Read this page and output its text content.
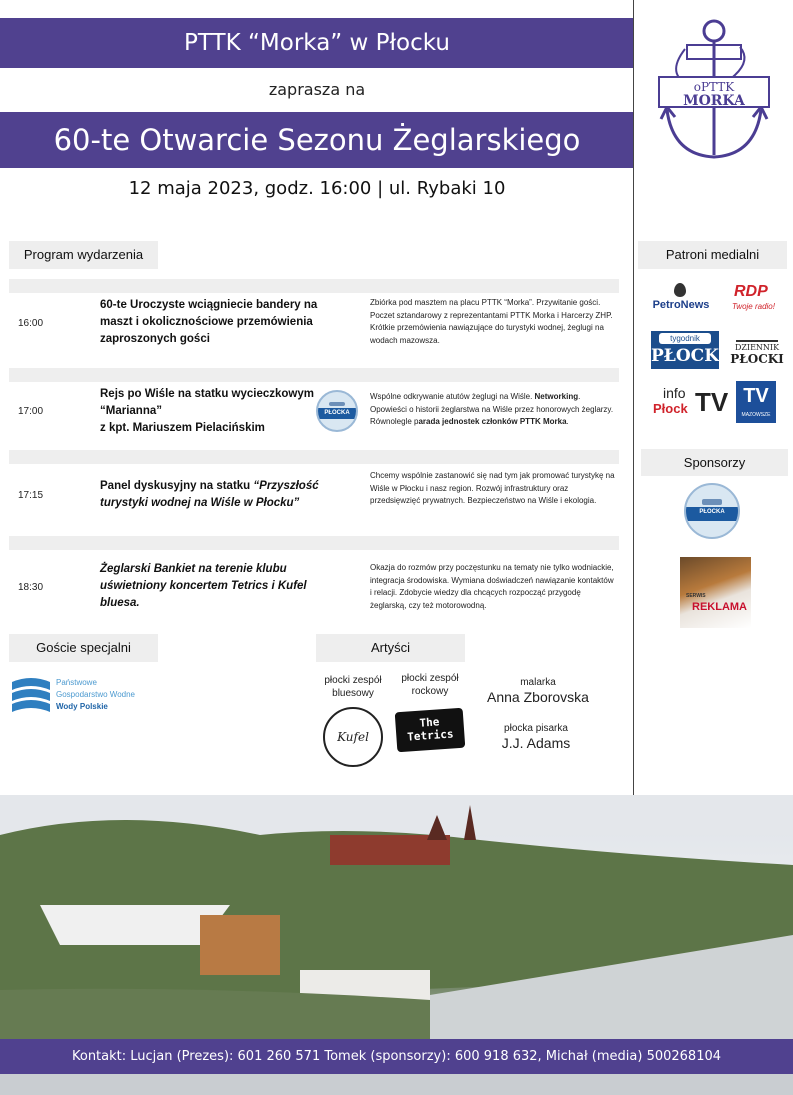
PTTK “Morka” w Płocku
zaprasza na
60-te Otwarcie Sezonu Żeglarskiego
12 maja 2023, godz. 16:00 | ul. Rybaki 10
oPTTK
MORKA
Program wydarzenia
16:00
60-te Uroczyste wciągniecie bandery na maszt i okolicznościowe przemówienia zaproszonych gości
Zbiórka pod masztem na placu PTTK “Morka”. Przywitanie gości. Poczet sztandarowy z reprezentantami PTTK Morka i Harcerzy ZHP. Krótkie przemówienia nawiązujące do turystyki wodnej, żeglugi na wodach mazowsza.
17:00
Rejs po Wiśle na statku wycieczkowym “Marianna”
z kpt. Mariuszem Pielacińskim
PŁOCKA
Wspólne odkrywanie atutów żeglugi na Wiśle. Networking. Opowieści o historii żeglarstwa na Wiśle przez honorowych żeglarzy. Równolegle parada jednostek członków PTTK Morka.
17:15
Panel dyskusyjny na statku “Przyszłość turystyki wodnej na Wiśle w Płocku”
Chcemy wspólnie zastanowić się nad tym jak promować turystykę na Wiśle w Płocku i nasz region. Rozwój infrastruktury oraz przedsięwzięć prywatnych. Bezpieczeństwo na Wiśle i ekologia.
18:30
Żeglarski Bankiet na terenie klubu uświetniony koncertem Tetrics i Kufel bluesa.
Okazja do rozmów przy poczęstunku na tematy nie tylko wodniackie, integracja środowiska. Wymiana doświadczeń nawiązanie kontaktów i relacji. Zdobycie wiedzy dla chcących rozpocząć przygodę żeglarską, czy też motorowodną.
Goście specjalni
Państwowe
Gospodarstwo Wodne
Wody Polskie
Artyści
płocki zespół bluesowy
Kufel
płocki zespół rockowy
The Tetrics
malarka
Anna Zborovska
płocka pisarka
J.J. Adams
Patroni medialni
PetroNews
RDP
Twoje radio!
tygodnik
PŁOCKI	DZIENNIK
PŁOCKI
info
Płock TV TV
MAZOWSZE
Sponsorzy
PŁOCKA
SERWIS
REKLAMA
Kontakt: Lucjan (Prezes): 601 260 571 Tomek (sponsorzy): 600 918 632, Michał (media) 500268104
